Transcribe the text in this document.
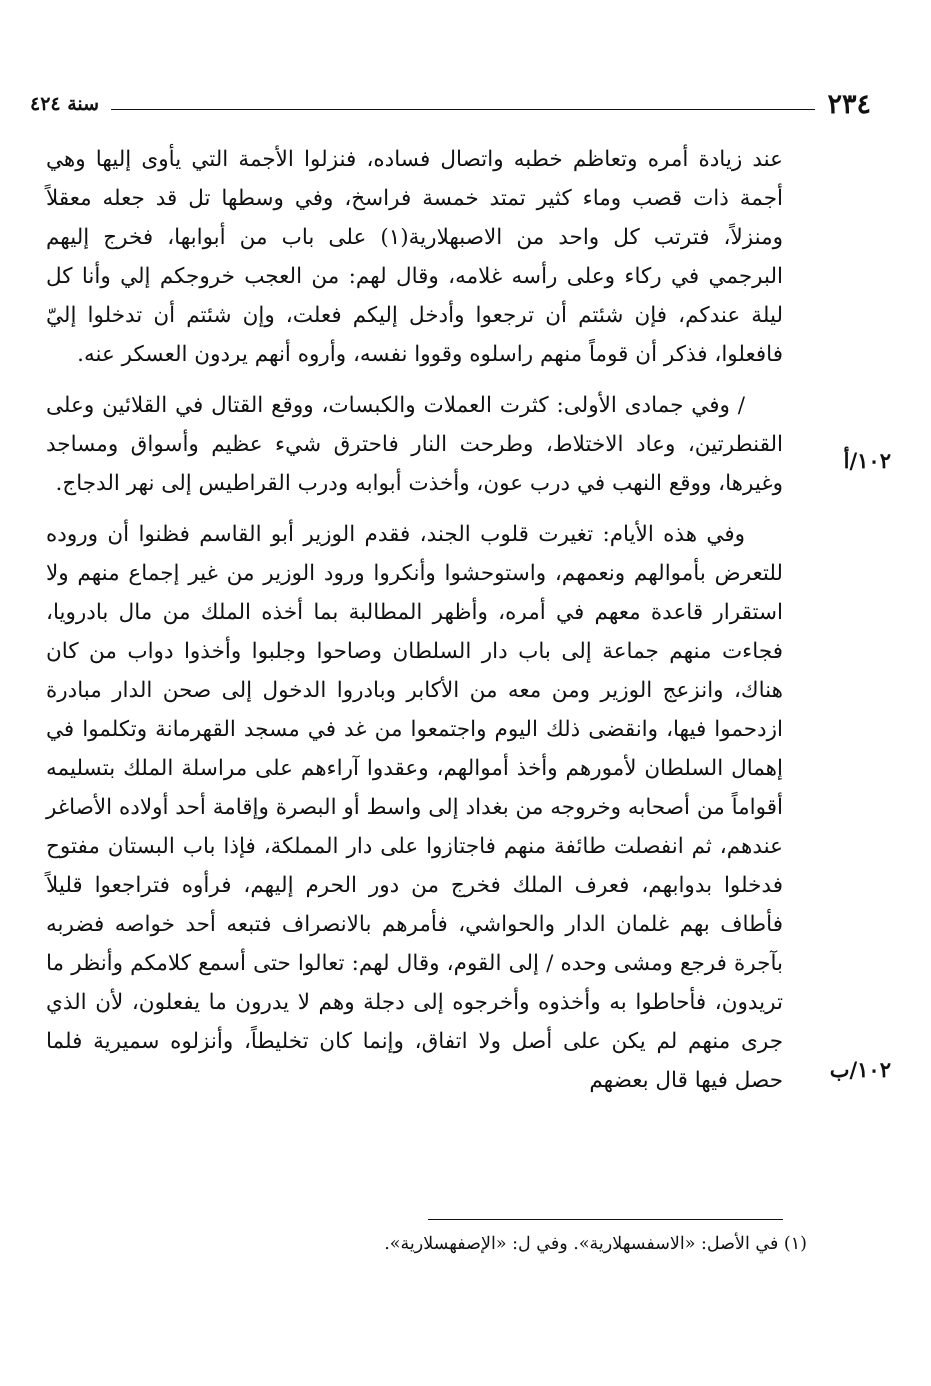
٢٣٤
سنة ٤٢٤

عند زيادة أمره وتعاظم خطبه واتصال فساده، فنزلوا الأجمة التي يأوى إليها وهي أجمة ذات قصب وماء كثير تمتد خمسة فراسخ، وفي وسطها تل قد جعله معقلاً ومنزلاً، فترتب كل واحد من الاصبهلارية(١) على باب من أبوابها، فخرج إليهم البرجمي في ركاء وعلى رأسه غلامه، وقال لهم: من العجب خروجكم إلي وأنا كل ليلة عندكم، فإن شئتم أن ترجعوا وأدخل إليكم فعلت، وإن شئتم أن تدخلوا إليّ فافعلوا، فذكر أن قوماً منهم راسلوه وقووا نفسه، وأروه أنهم يردون العسكر عنه.

/ وفي جمادى الأولى: كثرت العملات والكبسات، ووقع القتال في القلائين وعلى القنطرتين، وعاد الاختلاط، وطرحت النار فاحترق شيء عظيم وأسواق ومساجد وغيرها، ووقع النهب في درب عون، وأخذت أبوابه ودرب القراطيس إلى نهر الدجاج.

وفي هذه الأيام: تغيرت قلوب الجند، فقدم الوزير أبو القاسم فظنوا أن وروده للتعرض بأموالهم ونعمهم، واستوحشوا وأنكروا ورود الوزير من غير إجماع منهم ولا استقرار قاعدة معهم في أمره، وأظهر المطالبة بما أخذه الملك من مال بادرويا، فجاءت منهم جماعة إلى باب دار السلطان وصاحوا وجلبوا وأخذوا دواب من كان هناك، وانزعج الوزير ومن معه من الأكابر وبادروا الدخول إلى صحن الدار مبادرة ازدحموا فيها، وانقضى ذلك اليوم واجتمعوا من غد في مسجد القهرمانة وتكلموا في إهمال السلطان لأمورهم وأخذ أموالهم، وعقدوا آراءهم على مراسلة الملك بتسليمه أقواماً من أصحابه وخروجه من بغداد إلى واسط أو البصرة وإقامة أحد أولاده الأصاغر عندهم، ثم انفصلت طائفة منهم فاجتازوا على دار المملكة، فإذا باب البستان مفتوح فدخلوا بدوابهم، فعرف الملك فخرج من دور الحرم إليهم، فرأوه فتراجعوا قليلاً فأطاف بهم غلمان الدار والحواشي، فأمرهم بالانصراف فتبعه أحد خواصه فضربه بآجرة فرجع ومشى وحده / إلى القوم، وقال لهم: تعالوا حتى أسمع كلامكم وأنظر ما تريدون، فأحاطوا به وأخذوه وأخرجوه إلى دجلة وهم لا يدرون ما يفعلون، لأن الذي جرى منهم لم يكن على أصل ولا اتفاق، وإنما كان تخليطاً، وأنزلوه سميرية فلما حصل فيها قال بعضهم

١٠٢/أ
١٠٢/ب
(١) في الأصل: «الاسفسهلارية». وفي ل: «الإصفهسلارية».
